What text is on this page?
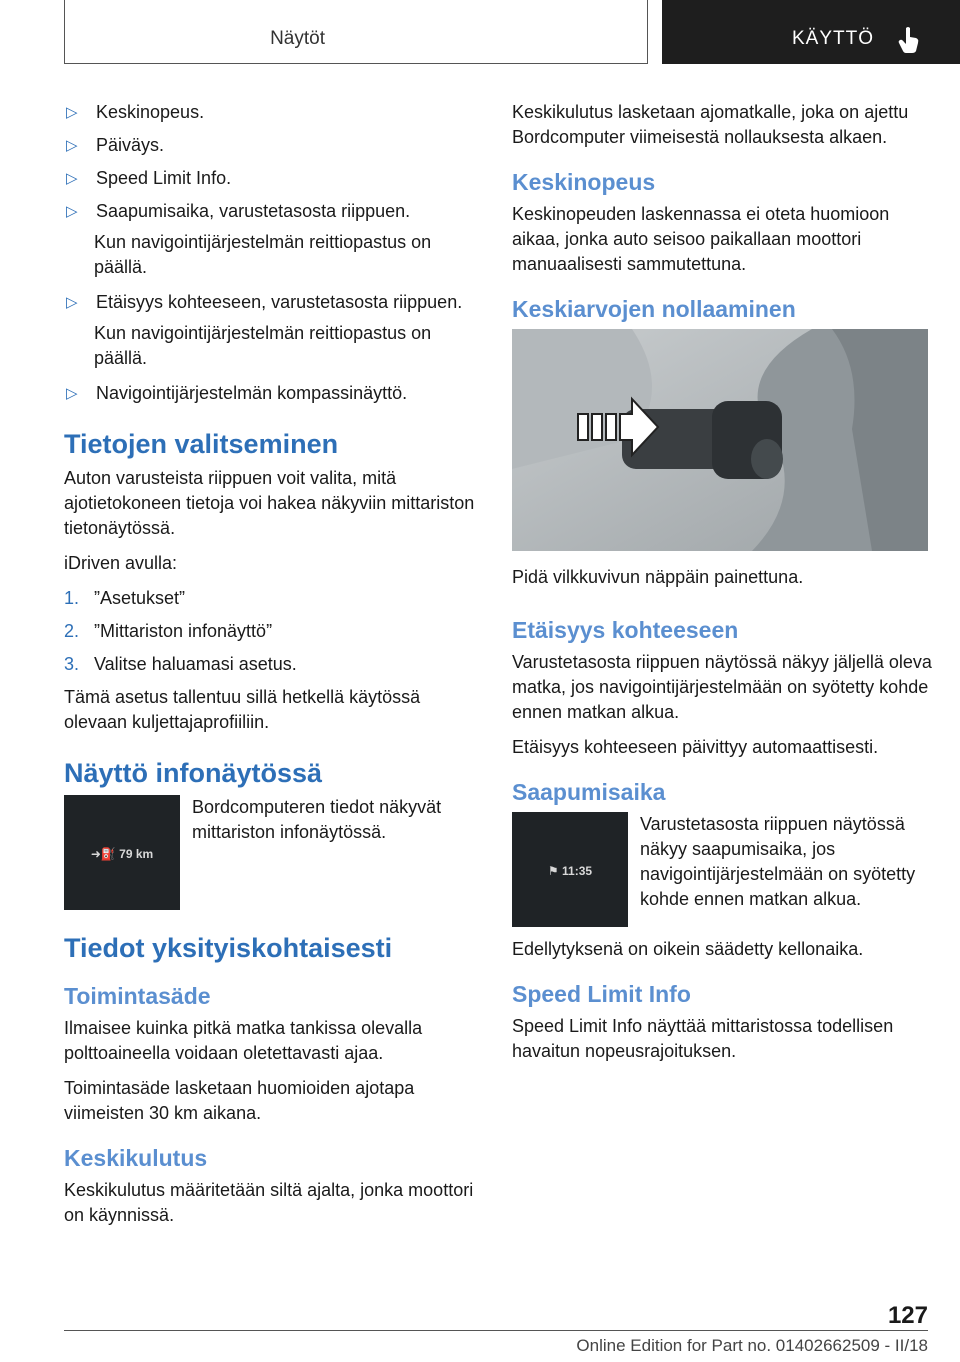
Näytöt	KÄYTTÖ
▷	Keskinopeus.
▷	Päiväys.
▷	Speed Limit Info.
▷	Saapumisaika, varustetasosta riippuen.
Kun navigointijärjestelmän reittiopastus on päällä.
▷	Etäisyys kohteeseen, varustetasosta riippuen.
Kun navigointijärjestelmän reittiopastus on päällä.
▷	Navigointijärjestelmän kompassinäyttö.
Tietojen valitseminen

Auton varusteista riippuen voit valita, mitä ajotietokoneen tietoja voi hakea näkyviin mittariston tietonäytössä.

iDriven avulla:

1. ”Asetukset”
2. ”Mittariston infonäyttö”
3. Valitse haluamasi asetus.

Tämä asetus tallentuu sillä hetkellä käytössä olevaan kuljettajaprofiiliin.

Näyttö infonäytössä
➜⛽ 79 km

Bordcomputeren tiedot näkyvät mittariston infonäytössä.

Tiedot yksityiskohtaisesti
Toimintasäde

Ilmaisee kuinka pitkä matka tankissa olevalla polttoaineella voidaan oletettavasti ajaa.

Toimintasäde lasketaan huomioiden ajotapa viimeisten 30 km aikana.

Keskikulutus

Keskikulutus määritetään siltä ajalta, jonka moottori on käynnissä.

Keskikulutus lasketaan ajomatkalle, joka on ajettu Bordcomputer viimeisestä nollauksesta alkaen.

Keskinopeus

Keskinopeuden laskennassa ei oteta huomioon aikaa, jonka auto seisoo paikallaan moottori manuaalisesti sammutettuna.

Keskiarvojen nollaaminen

Pidä vilkkuvivun näppäin painettuna.

Etäisyys kohteeseen

Varustetasosta riippuen näytössä näkyy jäljellä oleva matka, jos navigointijärjestelmään on syötetty kohde ennen matkan alkua.

Etäisyys kohteeseen päivittyy automaattisesti.

Saapumisaika
⚑ 11:35

Varustetasosta riippuen näytössä näkyy saapumisaika, jos navigointijärjestelmään on syötetty kohde ennen matkan alkua.

Edellytyksenä on oikein säädetty kellonaika.

Speed Limit Info

Speed Limit Info näyttää mittaristossa todellisen havaitun nopeusrajoituksen.

127
Online Edition for Part no. 01402662509 - II/18
